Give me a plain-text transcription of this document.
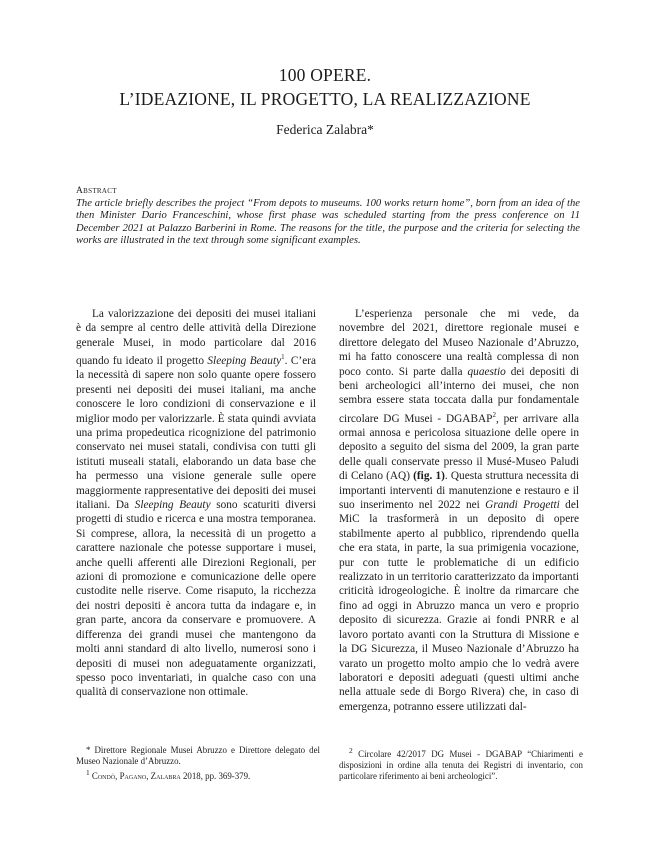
100 OPERE.
L’IDEAZIONE, IL PROGETTO, LA REALIZZAZIONE
Federica Zalabra*
Abstract
The article briefly describes the project “From depots to museums. 100 works return home”, born from an idea of the then Minister Dario Franceschini, whose first phase was scheduled starting from the press conference on 11 December 2021 at Palazzo Barberini in Rome. The reasons for the title, the purpose and the criteria for selecting the works are illustrated in the text through some significant examples.

La valorizzazione dei depositi dei musei italiani è da sempre al centro delle attività della Direzione generale Musei, in modo particolare dal 2016 quando fu ideato il progetto Sleeping Beauty$^1$. C’era la necessità di sapere non solo quante opere fossero presenti nei depositi dei musei italiani, ma anche conoscere le loro condizioni di conservazione e il miglior modo per valorizzarle. È stata quindi avviata una prima propedeutica ricognizione del patrimonio conservato nei musei statali, condivisa con tutti gli istituti museali statali, elaborando un data base che ha permesso una visione generale sulle opere maggiormente rappresentative dei depositi dei musei italiani. Da Sleeping Beauty sono scaturiti diversi progetti di studio e ricerca e una mostra temporanea. Si comprese, allora, la necessità di un progetto a carattere nazionale che potesse supportare i musei, anche quelli afferenti alle Direzioni Regionali, per azioni di promozione e comunicazione delle opere custodite nelle riserve. Come risaputo, la ricchezza dei nostri depositi è ancora tutta da indagare e, in gran parte, ancora da conservare e promuovere. A differenza dei grandi musei che mantengono da molti anni standard di alto livello, numerosi sono i depositi di musei non adeguatamente organizzati, spesso poco inventariati, in qualche caso con una qualità di conservazione non ottimale.

L’esperienza personale che mi vede, da novembre del 2021, direttore regionale musei e direttore delegato del Museo Nazionale d’Abruzzo, mi ha fatto conoscere una realtà complessa di non poco conto. Si parte dalla quaestio dei depositi di beni archeologici all’interno dei musei, che non sembra essere stata toccata dalla pur fondamentale circolare DG Musei - DGABAP$^2$, per arrivare alla ormai annosa e pericolosa situazione delle opere in deposito a seguito del sisma del 2009, la gran parte delle quali conservate presso il Musé-Museo Paludi di Celano (AQ) (fig. 1). Questa struttura necessita di importanti interventi di manutenzione e restauro e il suo inserimento nel 2022 nei Grandi Progetti del MiC la trasformerà in un deposito di opere stabilmente aperto al pubblico, riprendendo quella che era stata, in parte, la sua primigenia vocazione, pur con tutte le problematiche di un edificio realizzato in un territorio caratterizzato da importanti criticità idrogeologiche. È inoltre da rimarcare che fino ad oggi in Abruzzo manca un vero e proprio deposito di sicurezza. Grazie ai fondi PNRR e al lavoro portato avanti con la Struttura di Missione e la DG Sicurezza, il Museo Nazionale d’Abruzzo ha varato un progetto molto ampio che lo vedrà avere laboratori e depositi adeguati (questi ultimi anche nella attuale sede di Borgo Rivera) che, in caso di emergenza, potranno essere utilizzati dal-

* Direttore Regionale Musei Abruzzo e Direttore delegato del Museo Nazionale d’Abruzzo.

$^1$ Condò, Pagano, Zalabra 2018, pp. 369-379.

$^2$ Circolare 42/2017 DG Musei - DGABAP “Chiarimenti e disposizioni in ordine alla tenuta dei Registri di inventario, con particolare riferimento ai beni archeologici”.
